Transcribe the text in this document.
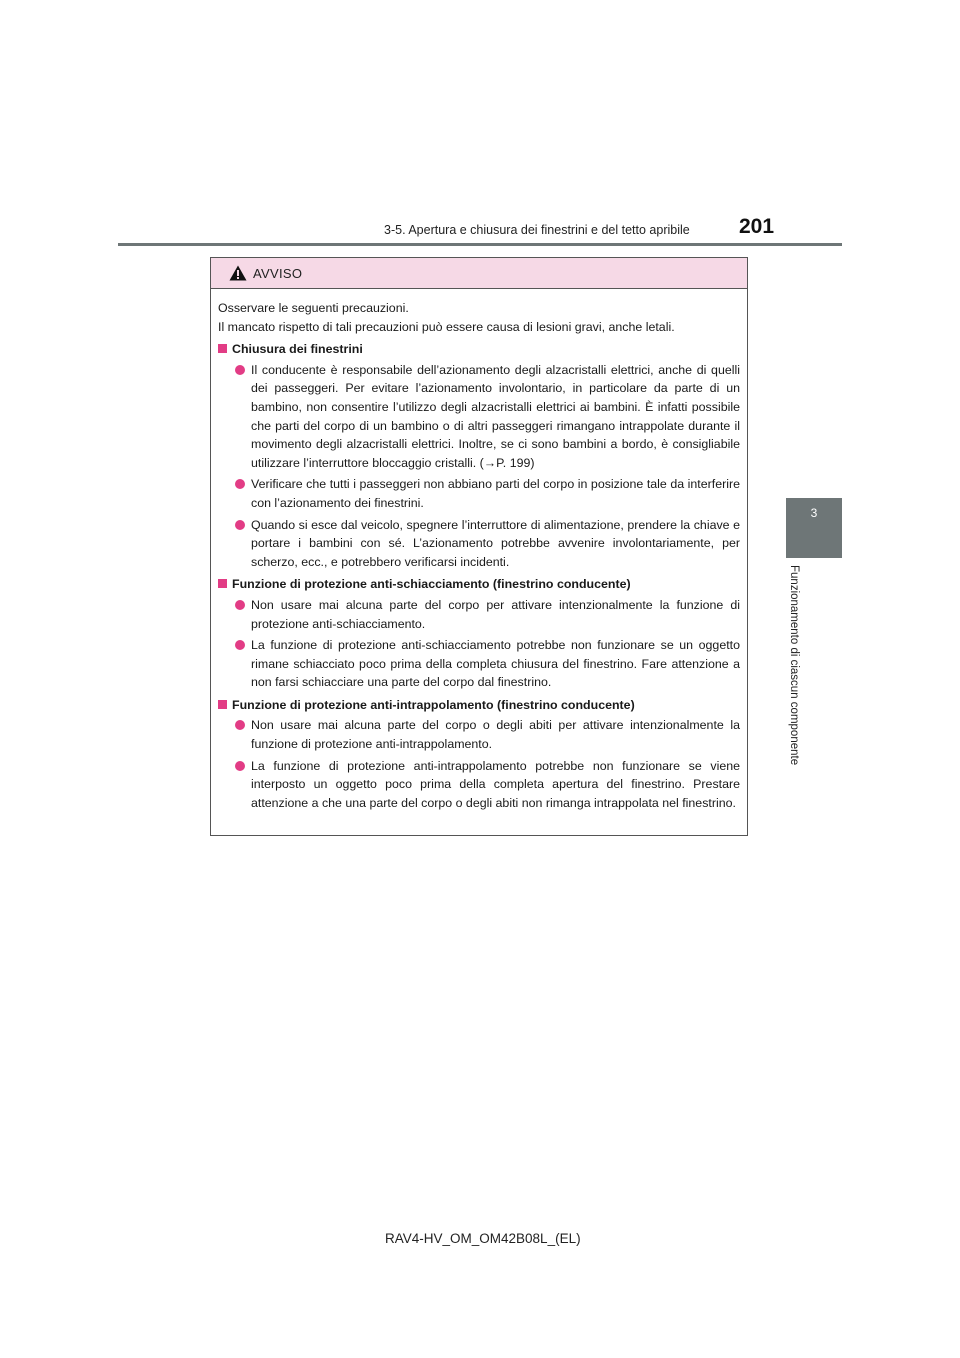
3-5. Apertura e chiusura dei finestrini e del tetto apribile 201
3
Funzionamento di ciascun componente
AVVISO

Osservare le seguenti precauzioni.

Il mancato rispetto di tali precauzioni può essere causa di lesioni gravi, anche letali.

Chiusura dei finestrini
Il conducente è responsabile dell’azionamento degli alzacristalli elettrici, anche di quelli dei passeggeri. Per evitare l’azionamento involontario, in particolare da parte di un bambino, non consentire l’utilizzo degli alzacristalli elettrici ai bambini. È infatti possibile che parti del corpo di un bambino o di altri passeggeri rimangano intrappolate durante il movimento degli alzacristalli elettrici. Inoltre, se ci sono bambini a bordo, è consigliabile utilizzare l’interruttore bloccaggio cristalli. (→P. 199)
Verificare che tutti i passeggeri non abbiano parti del corpo in posizione tale da interferire con l’azionamento dei finestrini.
Quando si esce dal veicolo, spegnere l’interruttore di alimentazione, prendere la chiave e portare i bambini con sé. L’azionamento potrebbe avvenire involontariamente, per scherzo, ecc., e potrebbero verificarsi incidenti.
Funzione di protezione anti-schiacciamento (finestrino conducente)
Non usare mai alcuna parte del corpo per attivare intenzionalmente la funzione di protezione anti-schiacciamento.
La funzione di protezione anti-schiacciamento potrebbe non funzionare se un oggetto rimane schiacciato poco prima della completa chiusura del finestrino. Fare attenzione a non farsi schiacciare una parte del corpo dal finestrino.
Funzione di protezione anti-intrappolamento (finestrino conducente)
Non usare mai alcuna parte del corpo o degli abiti per attivare intenzionalmente la funzione di protezione anti-intrappolamento.
La funzione di protezione anti-intrappolamento potrebbe non funzionare se viene interposto un oggetto poco prima della completa apertura del finestrino. Prestare attenzione a che una parte del corpo o degli abiti non rimanga intrappolata nel finestrino.
RAV4-HV_OM_OM42B08L_(EL)
